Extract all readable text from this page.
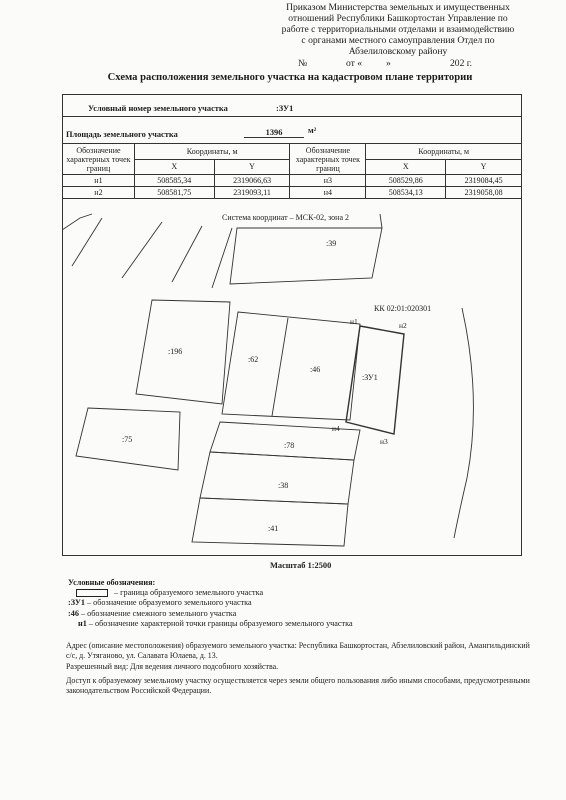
Приказом Министерства земельных и имущественных
отношений Республики Башкортостан Управление по
работе с территориальными отделами и взаимодействию
с органами местного самоуправления Отдел по
Абзелиловскому району
№	от « »	202 г.
Схема расположения земельного участка на кадастровом плане территории
Условный номер земельного участка	:ЗУ1
Площадь земельного участка	1396	м²
Обозначение характерных точек границ	Координаты, м		Обозначение характерных точек границ	Координаты, м	
	X	Y		X	Y
н1	508585,34	2319066,63	н3	508529,86	2319084,45
н2	508581,75	2319093,11	н4	508534,13	2319058,08
Система координат – МСК-02, зона 2
:39
:196
:62
:46
:ЗУ1
КК 02:01:020301
н1	н2
н3
н4
:75
:78
:38
:41
Масштаб 1:2500
Условные обозначения:
– граница образуемого земельного участка
:ЗУ1 – обозначение образуемого земельного участка
:46 – обозначение смежного земельного участка
н1 – обозначение характерной точки границы образуемого земельного участка
Адрес (описание местоположения) образуемого земельного участка: Республика Башкортостан, Абзелиловский район, Амангильдинский с/с, д. Утяганово, ул. Салавата Юлаева, д. 13.
Разрешенный вид: Для ведения личного подсобного хозяйства.
Доступ к образуемому земельному участку осуществляется через земли общего пользования либо иными способами, предусмотренными законодательством Российской Федерации.
